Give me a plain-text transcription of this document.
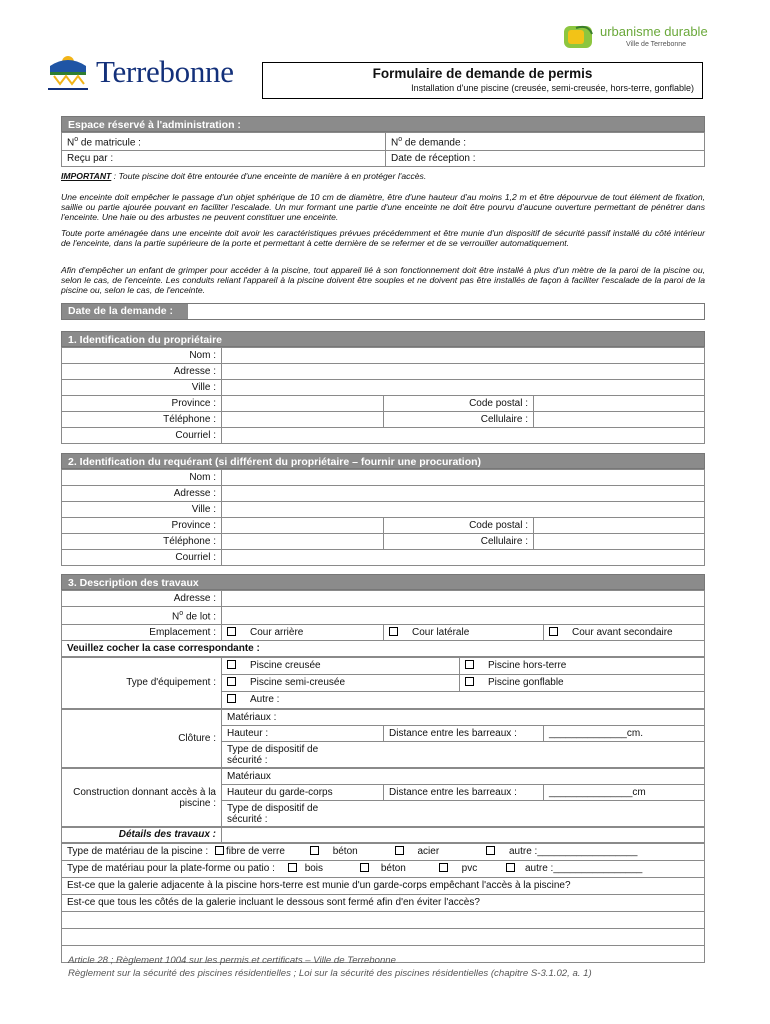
Terrebonne
urbanisme durable
Ville de Terrebonne
Formulaire de demande de permis
Installation d'une piscine (creusée, semi-creusée, hors-terre, gonflable)
Espace réservé à l'administration :
$N^o$ de matricule :	$N^o$ de demande :
Reçu par :	Date de réception :
IMPORTANT : Toute piscine doit être entourée d'une enceinte de manière à en protéger l'accès.
Une enceinte doit empêcher le passage d'un objet sphérique de 10 cm de diamètre, être d'une hauteur d'au moins 1,2 m et être dépourvue de tout élément de fixation, saillie ou partie ajourée pouvant en faciliter l'escalade. Un mur formant une partie d'une enceinte ne doit être pourvu d'aucune ouverture permettant de pénétrer dans l'enceinte. Une haie ou des arbustes ne peuvent constituer une enceinte.
Toute porte aménagée dans une enceinte doit avoir les caractéristiques prévues précédemment et être munie d'un dispositif de sécurité passif installé du côté intérieur de l'enceinte, dans la partie supérieure de la porte et permettant à cette dernière de se refermer et de se verrouiller automatiquement.
Afin d'empêcher un enfant de grimper pour accéder à la piscine, tout appareil lié à son fonctionnement doit être installé à plus d'un mètre de la paroi de la piscine ou, selon le cas, de l'enceinte. Les conduits reliant l'appareil à la piscine doivent être souples et ne doivent pas être installés de façon à faciliter l'escalade de la paroi de la piscine ou, selon le cas, de l'enceinte.
Date de la demande :
1. Identification du propriétaire
Nom :			
Adresse :			
Ville :			
Province :		Code postal :	
Téléphone :		Cellulaire :	
Courriel :			
2. Identification du requérant (si différent du propriétaire – fournir une procuration)
Nom :			
Adresse :			
Ville :			
Province :		Code postal :	
Téléphone :		Cellulaire :	
Courriel :			
3. Description des travaux
Adresse :			
$N^o$ de lot :			
Emplacement :	Cour arrière	Cour latérale	Cour avant secondaire
Veuillez cocher la case correspondante :			
Type d'équipement :	Piscine creusée	Piscine hors-terre
	Piscine semi-creusée	Piscine gonflable
	Autre :	
Clôture :	Matériaux :		
	Hauteur :	Distance entre les barreaux :	______________cm.
	Type de dispositif de sécurité :		
Construction donnant accès à la piscine :	Matériaux		
	Hauteur du garde-corps	Distance entre les barreaux :	_______________cm
	Type de dispositif de sécurité :		
Détails des travaux :	
Type de matériau de la piscine : fibre de verre	béton	acier	autre :__________________
Type de matériau pour la plate-forme ou patio :	bois	béton	pvc	autre :________________
Est-ce que la galerie adjacente à la piscine hors-terre est munie d'un garde-corps empêchant l'accès à la piscine?
Est-ce que tous les côtés de la galerie incluant le dessous sont fermé afin d'en éviter l'accès?

Article 28 ; Règlement 1004 sur les permis et certificats – Ville de Terrebonne
Règlement sur la sécurité des piscines résidentielles ; Loi sur la sécurité des piscines résidentielles (chapitre S-3.1.02, a. 1)
